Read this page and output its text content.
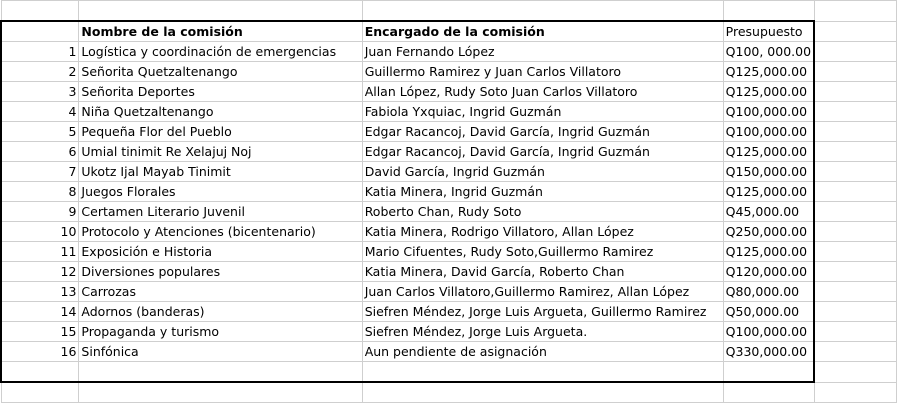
	Nombre de la comisión	Encargado de la comisión	Presupuesto	
1	Logística y coordinación de emergencias	Juan Fernando López	Q100, 000.00	
2	Señorita Quetzaltenango	Guillermo Ramirez y Juan Carlos Villatoro	Q125,000.00	
3	Señorita Deportes	Allan López, Rudy Soto Juan Carlos Villatoro	Q125,000.00	
4	Niña Quetzaltenango	Fabiola Yxquiac, Ingrid Guzmán	Q100,000.00	
5	Pequeña Flor del Pueblo	Edgar Racancoj, David García, Ingrid Guzmán	Q100,000.00	
6	Umial tinimit Re Xelajuj Noj	Edgar Racancoj, David García, Ingrid Guzmán	Q125,000.00	
7	Ukotz Ijal Mayab Tinimit	David García, Ingrid Guzmán	Q150,000.00	
8	Juegos Florales	Katia Minera, Ingrid Guzmán	Q125,000.00	
9	Certamen Literario Juvenil	Roberto Chan, Rudy Soto	Q45,000.00	
10	Protocolo y Atenciones (bicentenario)	Katia Minera, Rodrigo Villatoro, Allan López	Q250,000.00	
11	Exposición e Historia	Mario Cifuentes, Rudy Soto,Guillermo Ramirez	Q125,000.00	
12	Diversiones populares	Katia Minera, David García, Roberto Chan	Q120,000.00	
13	Carrozas	Juan Carlos Villatoro,Guillermo Ramirez, Allan López	Q80,000.00	
14	Adornos (banderas)	Siefren Méndez, Jorge Luis Argueta, Guillermo Ramirez	Q50,000.00	
15	Propaganda y turismo	Siefren Méndez, Jorge Luis Argueta.	Q100,000.00	
16	Sinfónica	Aun pendiente de asignación	Q330,000.00	
